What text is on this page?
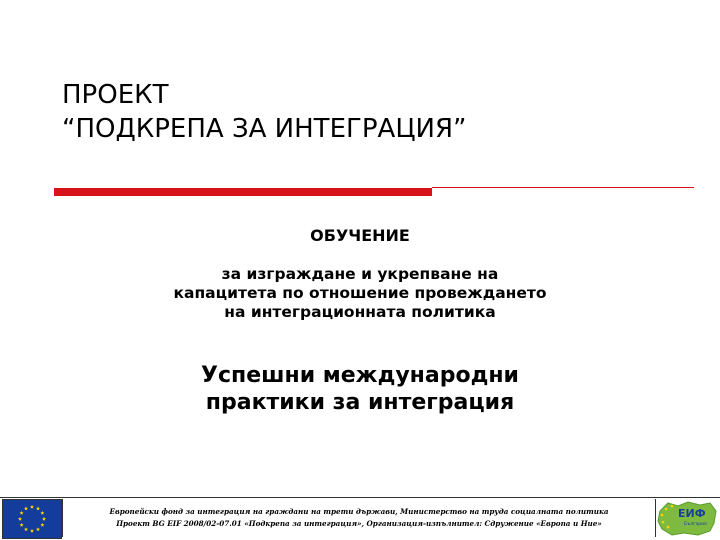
ПРОЕКТ
“ПОДКРЕПА ЗА ИНТЕГРАЦИЯ”
ОБУЧЕНИЕ
за изграждане и укрепване на
капацитета по отношение провеждането
на интеграционната политика
Успешни международни
практики за интеграция
Европейски фонд за интеграция на граждани на трети държави, Министерство на труда социалната политика
Проект BG EIF 2008/02-07.01 «Подкрепа за интеграция», Организация-изпълнител: Сдружение «Европа и Ние»
ЕИФ
България
